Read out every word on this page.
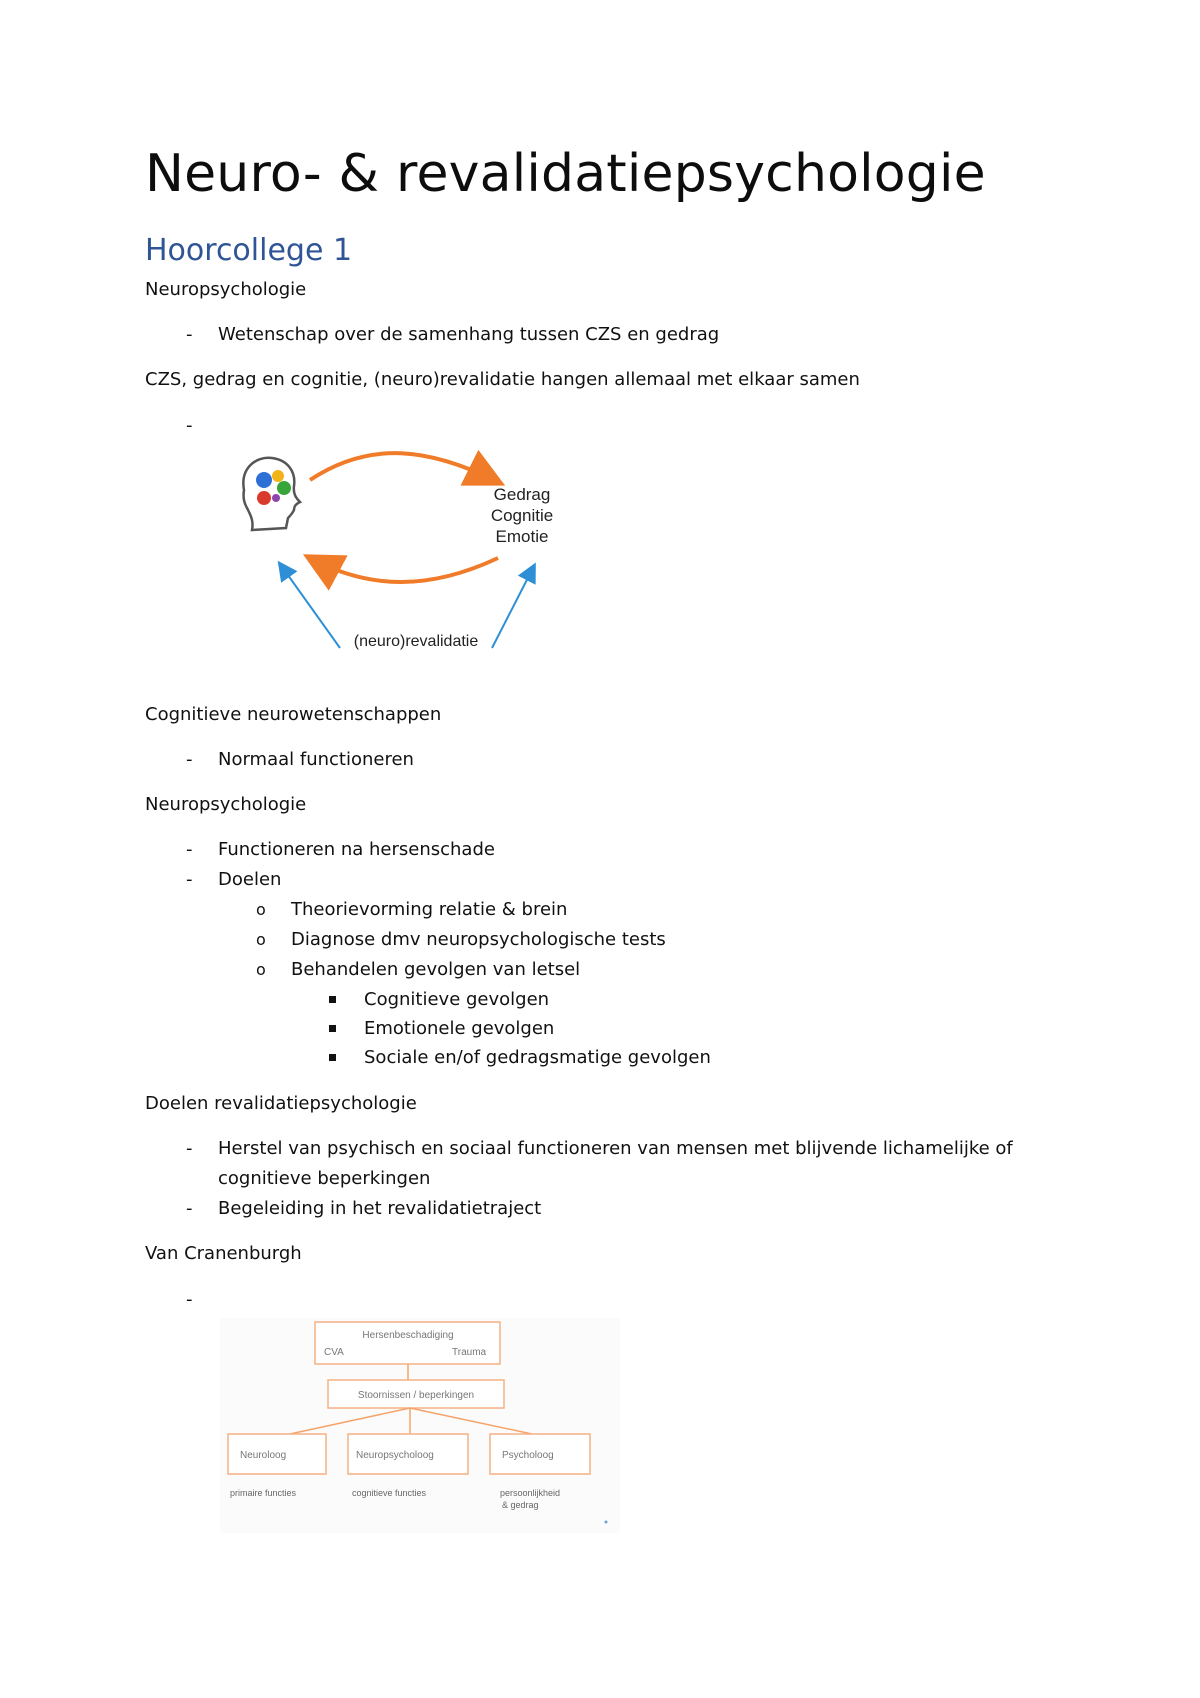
Neuro- & revalidatiepsychologie
Hoorcollege 1
Neuropsychologie
- Wetenschap over de samenhang tussen CZS en gedrag
CZS, gedrag en cognitie, (neuro)revalidatie hangen allemaal met elkaar samen
-
Gedrag
Cognitie
Emotie
(neuro)revalidatie
Cognitieve neurowetenschappen
- Normaal functioneren
Neuropsychologie
- Functioneren na hersenschade
- Doelen
o Theorievorming relatie & brein
o Diagnose dmv neuropsychologische tests
o Behandelen gevolgen van letsel
Cognitieve gevolgen
Emotionele gevolgen
Sociale en/of gedragsmatige gevolgen
Doelen revalidatiepsychologie
- Herstel van psychisch en sociaal functioneren van mensen met blijvende lichamelijke of
cognitieve beperkingen
- Begeleiding in het revalidatietraject
Van Cranenburgh
-
Hersenbeschadiging
CVA	Trauma
Stoornissen / beperkingen
Neuroloog	Neuropsycholoog	Psycholoog
primaire functies	cognitieve functies	persoonlijkheid
& gedrag
